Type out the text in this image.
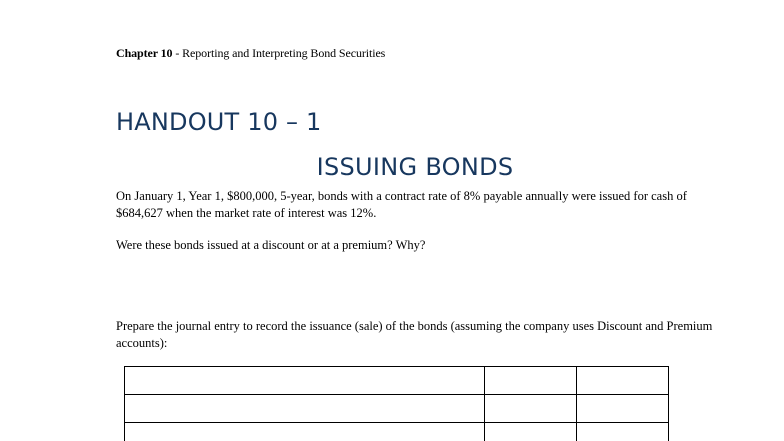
Chapter 10 - Reporting and Interpreting Bond Securities
HANDOUT 10 – 1
ISSUING BONDS
On January 1, Year 1, $800,000, 5-year, bonds with a contract rate of 8% payable annually were issued for cash of $684,627 when the market rate of interest was 12%.
Were these bonds issued at a discount or at a premium? Why?
Prepare the journal entry to record the issuance (sale) of the bonds (assuming the company uses Discount and Premium accounts):
